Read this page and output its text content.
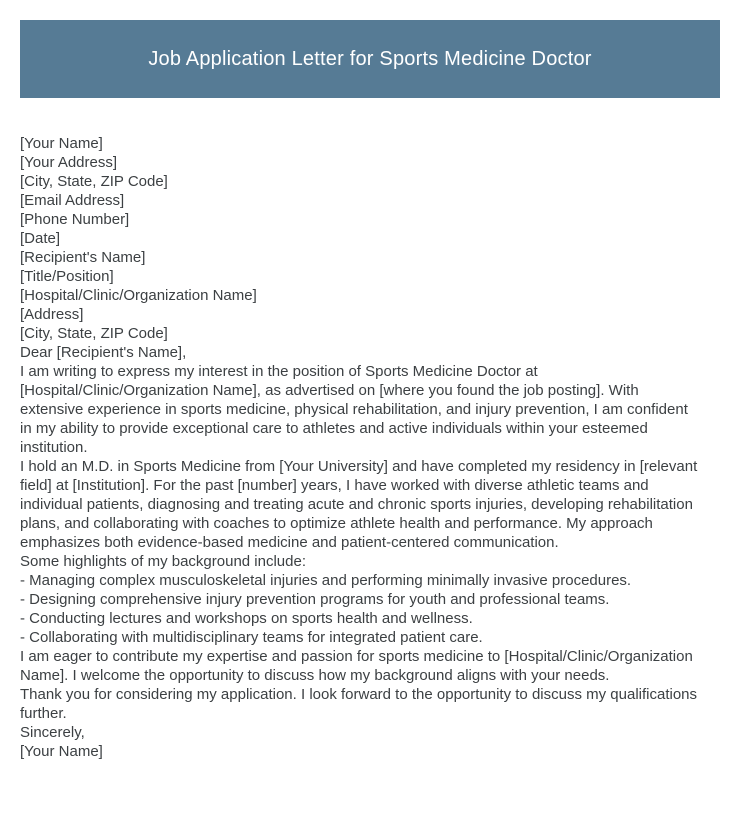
Job Application Letter for Sports Medicine Doctor
[Your Name]
[Your Address]
[City, State, ZIP Code]
[Email Address]
[Phone Number]
[Date]
[Recipient's Name]
[Title/Position]
[Hospital/Clinic/Organization Name]
[Address]
[City, State, ZIP Code]
Dear [Recipient's Name],

I am writing to express my interest in the position of Sports Medicine Doctor at [Hospital/Clinic/Organization Name], as advertised on [where you found the job posting]. With extensive experience in sports medicine, physical rehabilitation, and injury prevention, I am confident in my ability to provide exceptional care to athletes and active individuals within your esteemed institution.

I hold an M.D. in Sports Medicine from [Your University] and have completed my residency in [relevant field] at [Institution]. For the past [number] years, I have worked with diverse athletic teams and individual patients, diagnosing and treating acute and chronic sports injuries, developing rehabilitation plans, and collaborating with coaches to optimize athlete health and performance. My approach emphasizes both evidence-based medicine and patient-centered communication.

Some highlights of my background include:
- Managing complex musculoskeletal injuries and performing minimally invasive procedures.
- Designing comprehensive injury prevention programs for youth and professional teams.
- Conducting lectures and workshops on sports health and wellness.
- Collaborating with multidisciplinary teams for integrated patient care.

I am eager to contribute my expertise and passion for sports medicine to [Hospital/Clinic/Organization Name]. I welcome the opportunity to discuss how my background aligns with your needs.

Thank you for considering my application. I look forward to the opportunity to discuss my qualifications further.

Sincerely,
[Your Name]
